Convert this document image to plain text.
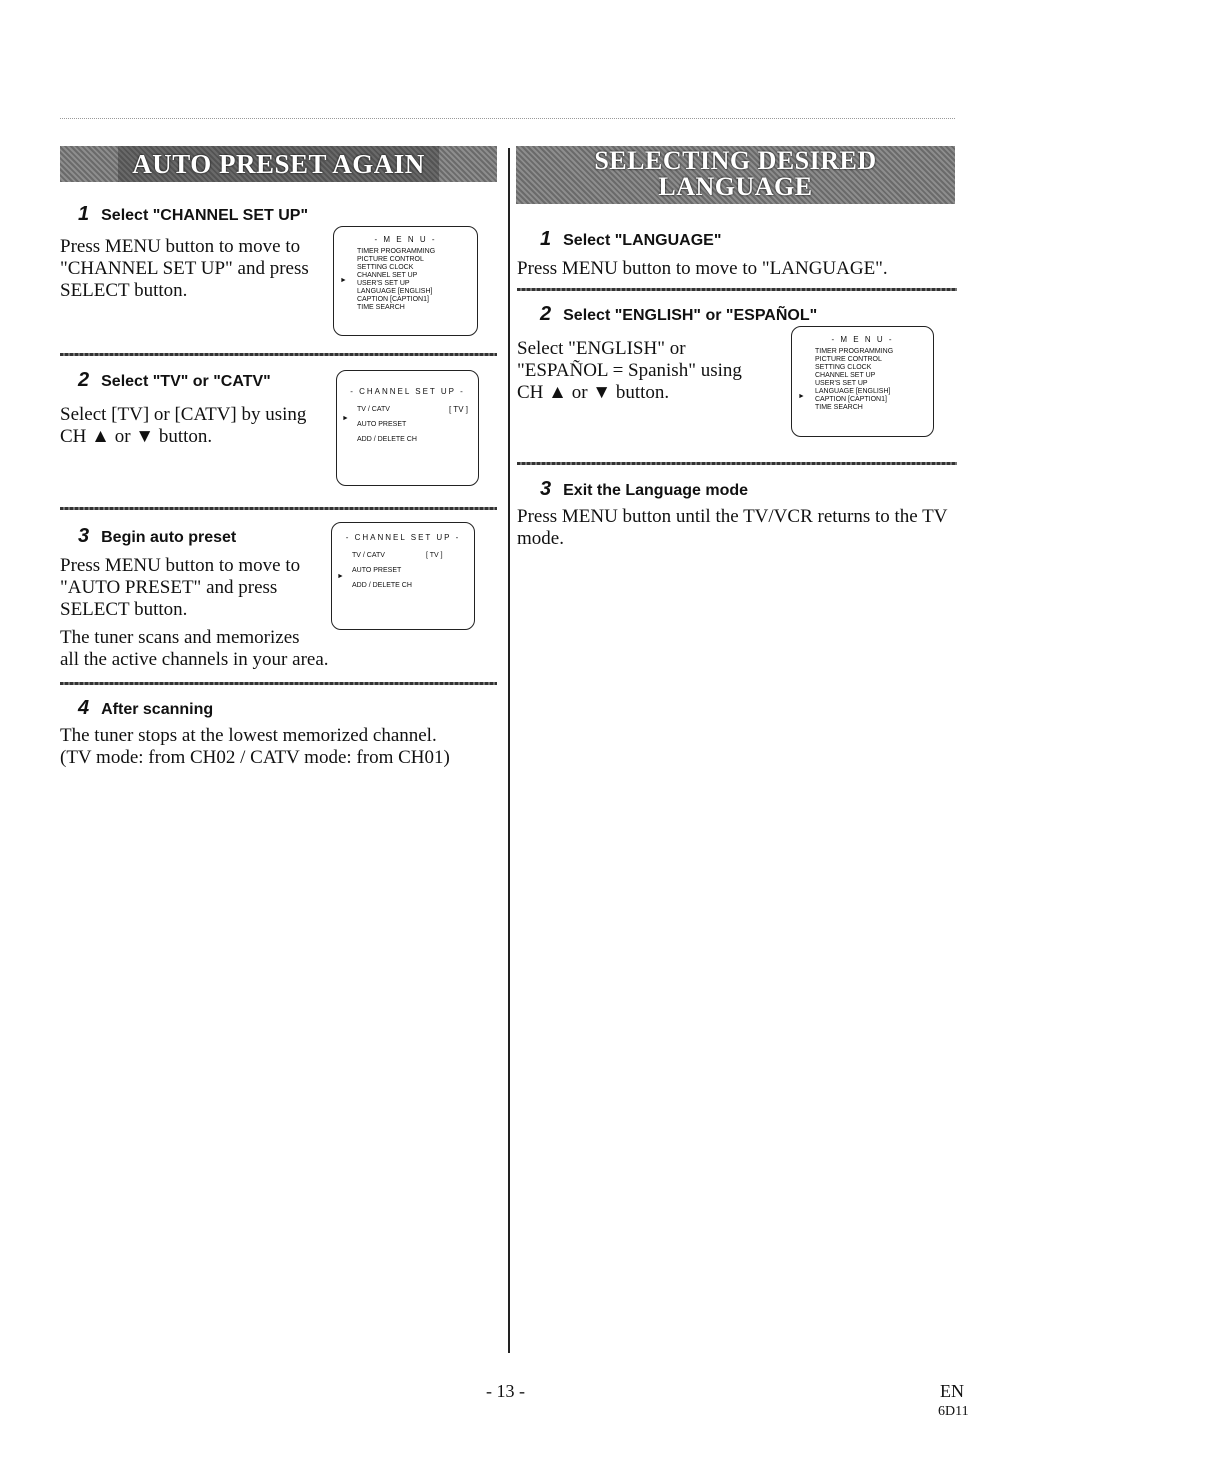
AUTO PRESET AGAIN
1 Select "CHANNEL SET UP"
Press MENU button to move to
"CHANNEL SET UP" and press
SELECT button.
- M E N U -
TIMER PROGRAMMING
PICTURE CONTROL
SETTING CLOCK
CHANNEL SET UP
USER'S SET UP
LANGUAGE [ENGLISH]
CAPTION [CAPTION1]
TIME SEARCH
►
2 Select "TV" or "CATV"
Select [TV] or [CATV] by using
CH ▲ or ▼ button.
- CHANNEL SET UP -
TV / CATV	[ TV ]
AUTO PRESET
ADD / DELETE CH
►
3 Begin auto preset
Press MENU button to move to
"AUTO PRESET" and press
SELECT button.
The tuner scans and memorizes
all the active channels in your area.
- CHANNEL SET UP -
TV / CATV	[ TV ]
AUTO PRESET
ADD / DELETE CH
►
4 After scanning
The tuner stops at the lowest memorized channel.
(TV mode: from CH02 / CATV mode: from CH01)
SELECTING DESIRED
LANGUAGE
1 Select "LANGUAGE"
Press MENU button to move to "LANGUAGE".
2 Select "ENGLISH" or "ESPAÑOL"
Select "ENGLISH" or
"ESPAÑOL = Spanish" using
CH ▲ or ▼ button.
- M E N U -
TIMER PROGRAMMING
PICTURE CONTROL
SETTING CLOCK
CHANNEL SET UP
USER'S SET UP
LANGUAGE [ENGLISH]
CAPTION [CAPTION1]
TIME SEARCH
►
3 Exit the Language mode
Press MENU button until the TV/VCR returns to the TV
mode.
- 13 -	EN
6D11
